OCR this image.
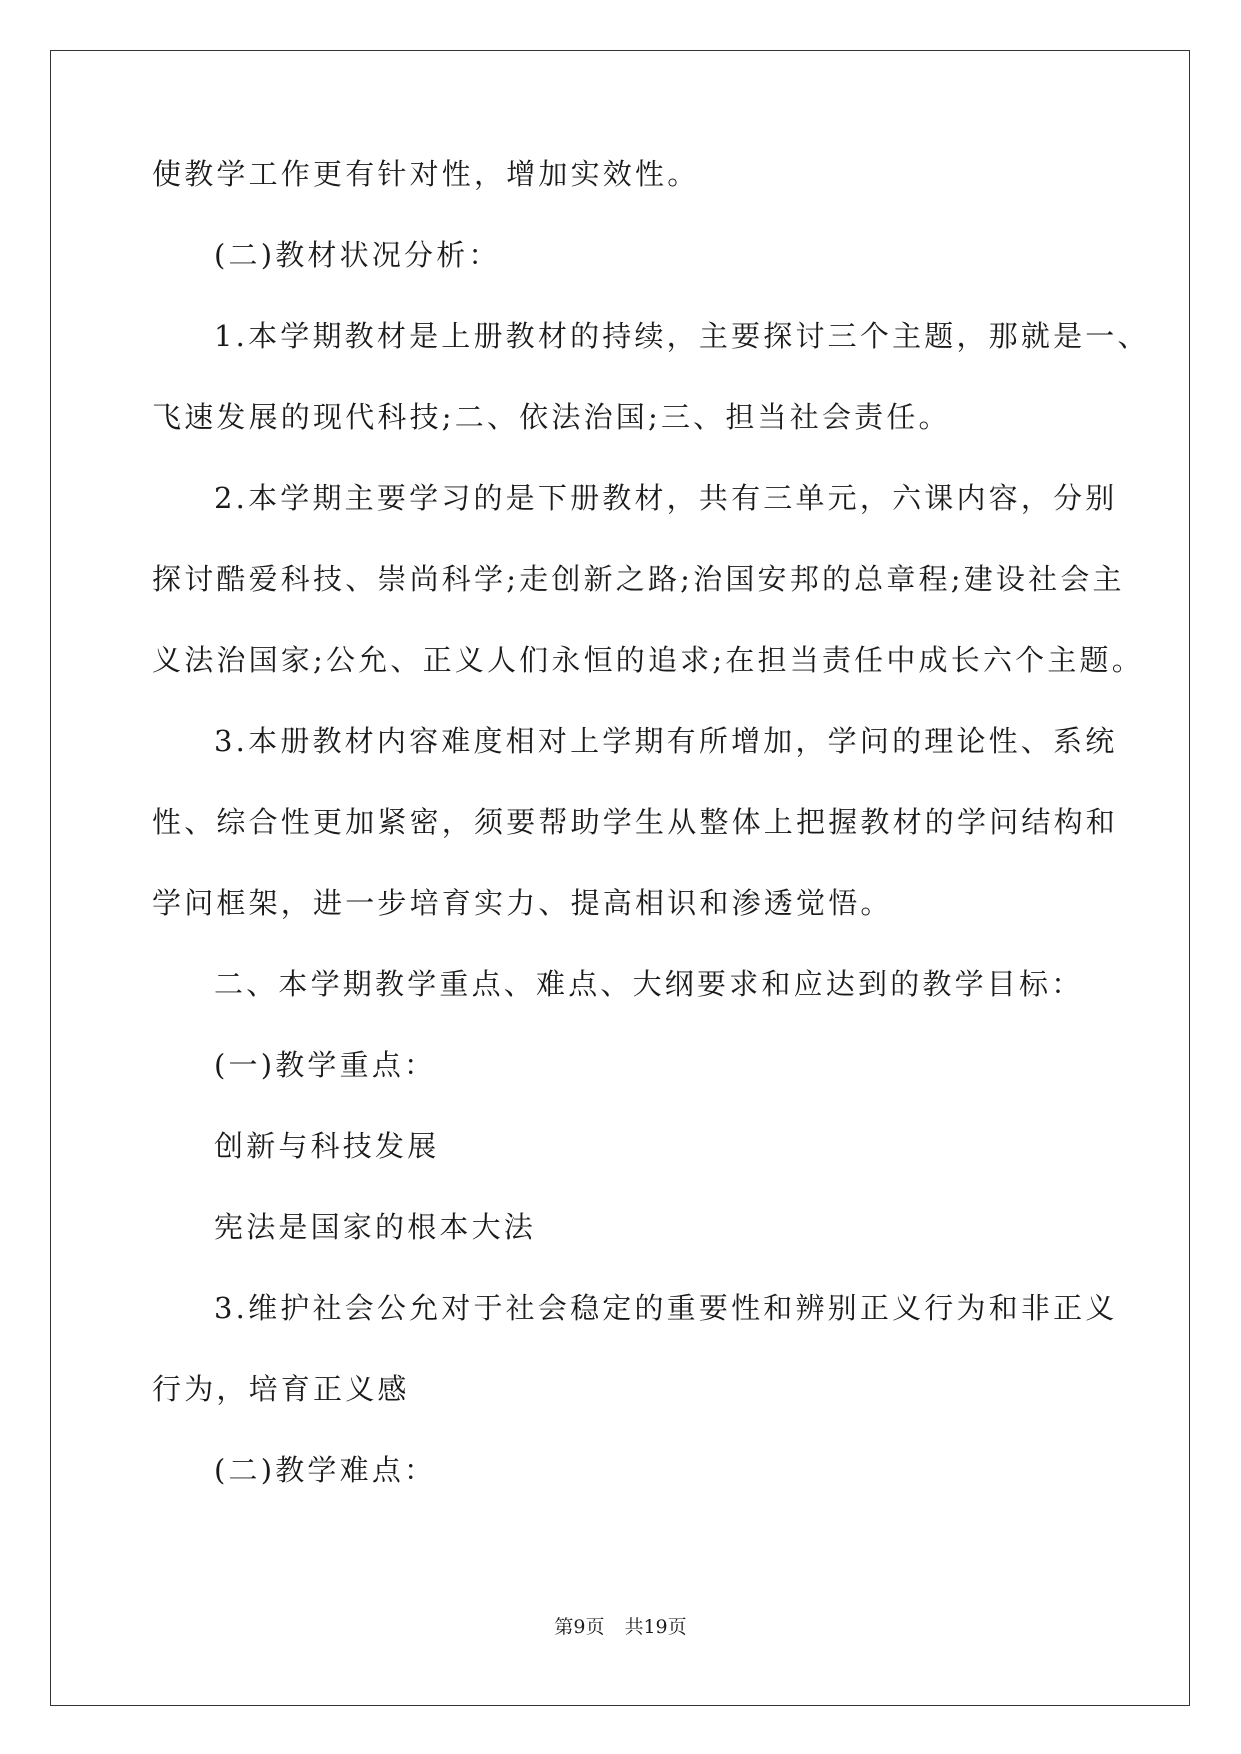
使教学工作更有针对性，增加实效性。
(二)教材状况分析：
1.本学期教材是上册教材的持续，主要探讨三个主题，那就是一、
飞速发展的现代科技;二、依法治国;三、担当社会责任。
2.本学期主要学习的是下册教材，共有三单元，六课内容，分别
探讨酷爱科技、崇尚科学;走创新之路;治国安邦的总章程;建设社会主
义法治国家;公允、正义人们永恒的追求;在担当责任中成长六个主题。
3.本册教材内容难度相对上学期有所增加，学问的理论性、系统
性、综合性更加紧密，须要帮助学生从整体上把握教材的学问结构和
学问框架，进一步培育实力、提高相识和渗透觉悟。
二、本学期教学重点、难点、大纲要求和应达到的教学目标：
(一)教学重点：
创新与科技发展
宪法是国家的根本大法
3.维护社会公允对于社会稳定的重要性和辨别正义行为和非正义
行为，培育正义感
(二)教学难点：
第9页 共19页
